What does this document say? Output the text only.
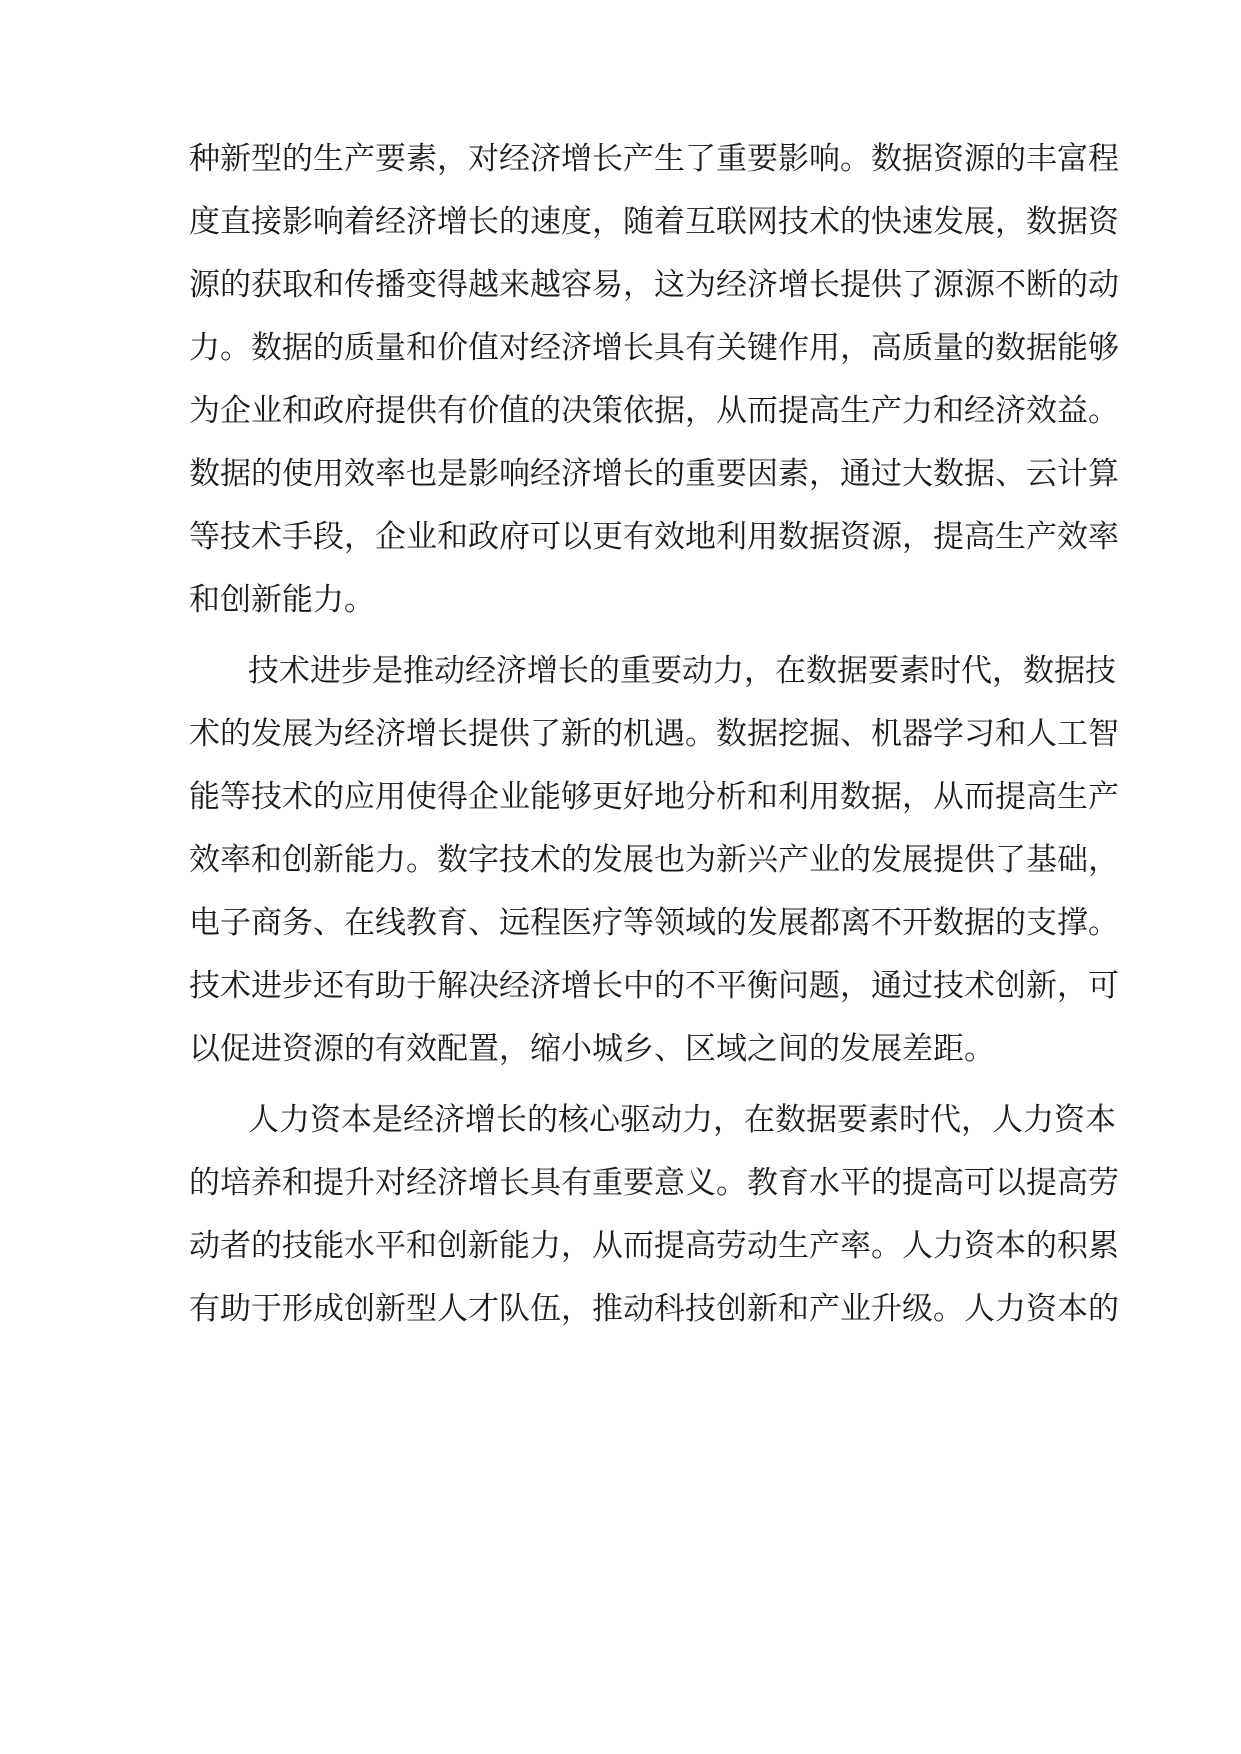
种新型的生产要素，对经济增长产生了重要影响。数据资源的丰富程

度直接影响着经济增长的速度，随着互联网技术的快速发展，数据资

源的获取和传播变得越来越容易，这为经济增长提供了源源不断的动

力。数据的质量和价值对经济增长具有关键作用，高质量的数据能够

为企业和政府提供有价值的决策依据，从而提高生产力和经济效益。

数据的使用效率也是影响经济增长的重要因素，通过大数据、云计算

等技术手段，企业和政府可以更有效地利用数据资源，提高生产效率

和创新能力。

技术进步是推动经济增长的重要动力，在数据要素时代，数据技

术的发展为经济增长提供了新的机遇。数据挖掘、机器学习和人工智

能等技术的应用使得企业能够更好地分析和利用数据，从而提高生产

效率和创新能力。数字技术的发展也为新兴产业的发展提供了基础，

电子商务、在线教育、远程医疗等领域的发展都离不开数据的支撑。

技术进步还有助于解决经济增长中的不平衡问题，通过技术创新，可

以促进资源的有效配置，缩小城乡、区域之间的发展差距。

人力资本是经济增长的核心驱动力，在数据要素时代，人力资本

的培养和提升对经济增长具有重要意义。教育水平的提高可以提高劳

动者的技能水平和创新能力，从而提高劳动生产率。人力资本的积累

有助于形成创新型人才队伍，推动科技创新和产业升级。人力资本的
